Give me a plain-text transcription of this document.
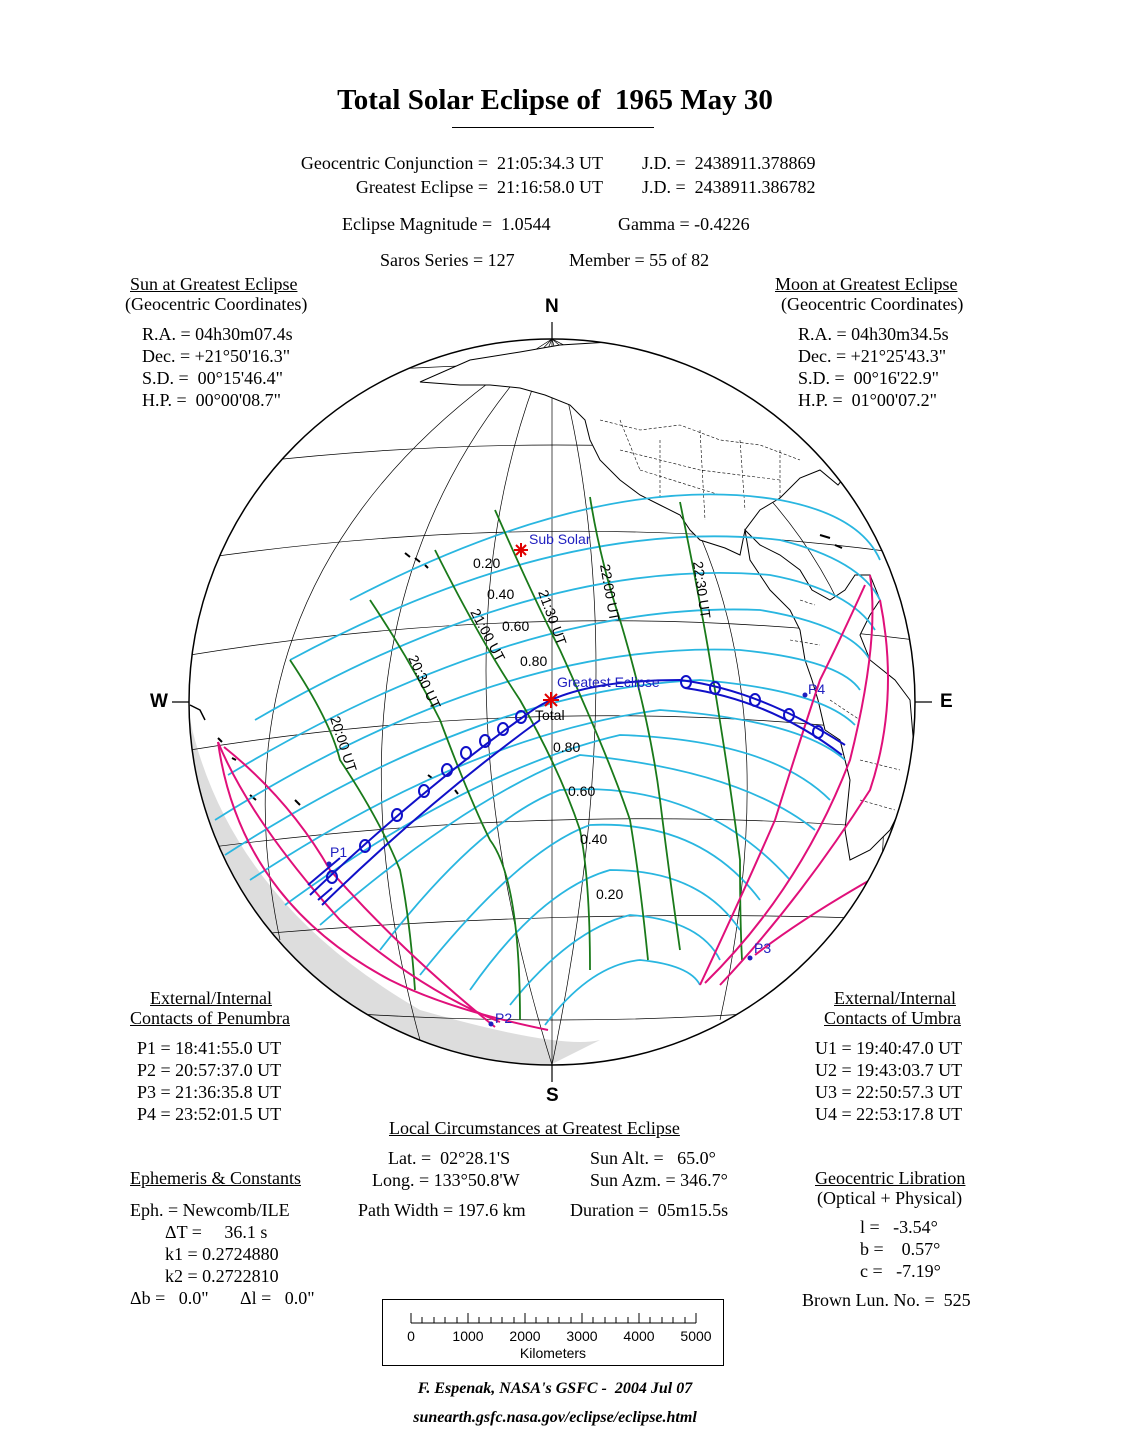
Total Solar Eclipse of  1965 May 30
Geocentric Conjunction =  21:05:34.3 UT J.D. =  2438911.378869
Greatest Eclipse =  21:16:58.0 UT J.D. =  2438911.386782
Eclipse Magnitude =  1.0544	Gamma = -0.4226
Saros Series = 127	Member = 55 of 82
Sun at Greatest Eclipse
(Geocentric Coordinates)
R.A. = 04h30m07.4s
Dec. = +21°50'16.3"
S.D. =  00°15'46.4"
H.P. =  00°00'08.7"
Moon at Greatest Eclipse
(Geocentric Coordinates)
R.A. = 04h30m34.5s
Dec. = +21°25'43.3"
S.D. =  00°16'22.9"
H.P. =  01°00'07.2"
Sub Solar
Greatest Eclipse
Total
P1
P2
P3
P4
0.20
0.40
0.60
0.80
0.80
0.60
0.40
0.20
20:00 UT
20:30 UT
21:00 UT 21:30 UT 22:00 UT	22:30 UT
N
S
W	E
External/Internal
Contacts of Penumbra
P1 = 18:41:55.0 UT
P2 = 20:57:37.0 UT
P3 = 21:36:35.8 UT
P4 = 23:52:01.5 UT
External/Internal
Contacts of Umbra
U1 = 19:40:47.0 UT
U2 = 19:43:03.7 UT
U3 = 22:50:57.3 UT
U4 = 22:53:17.8 UT
Local Circumstances at Greatest Eclipse
Lat. =  02°28.1'S
Long. = 133°50.8'W
Sun Alt. =   65.0°
Sun Azm. = 346.7°
Path Width = 197.6 km Duration =  05m15.5s
Ephemeris & Constants
Eph. = Newcomb/ILE
ΔT =     36.1 s
k1 = 0.2724880
k2 = 0.2722810
Δb =   0.0" Δl =   0.0"
Geocentric Libration
(Optical + Physical)
l =   -3.54°
b =    0.57°
c =   -7.19°
Brown Lun. No. =  525
0	1000 2000 3000 4000 5000
Kilometers
F. Espenak, NASA's GSFC -  2004 Jul 07
sunearth.gsfc.nasa.gov/eclipse/eclipse.html
